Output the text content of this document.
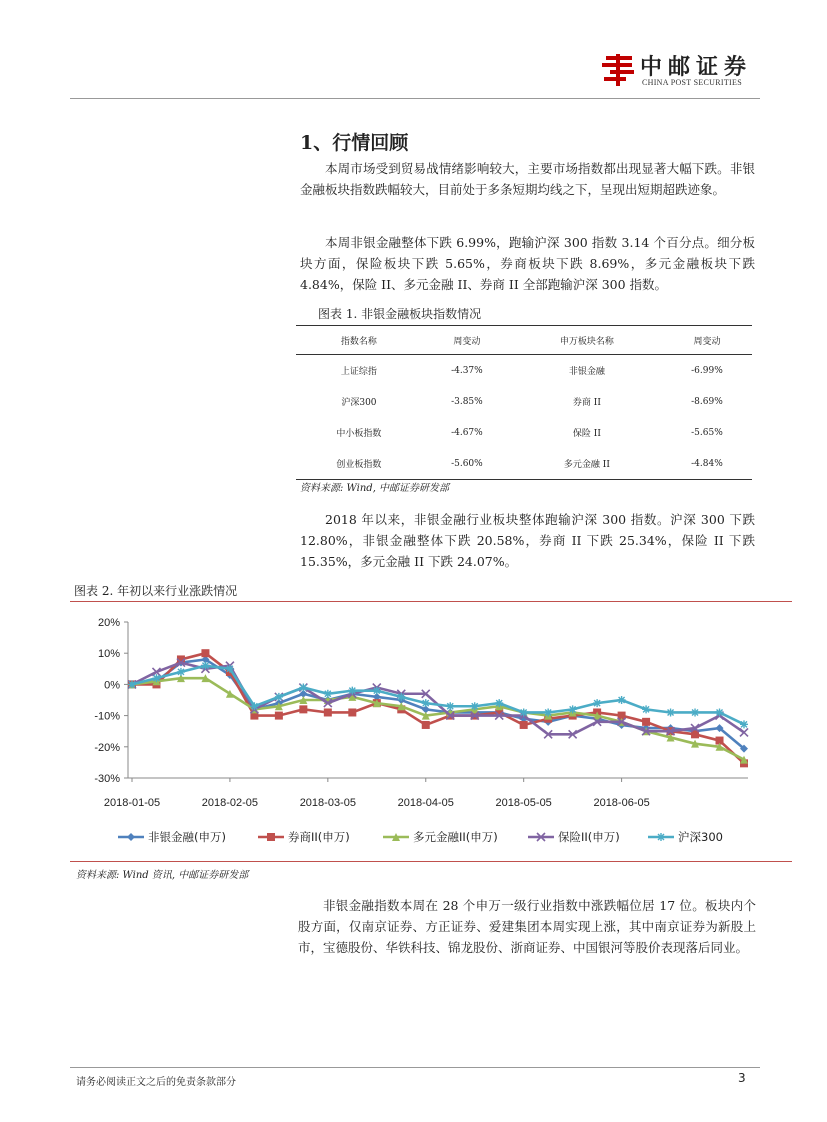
中邮证券
CHINA POST SECURITIES
1、行情回顾

本周市场受到贸易战情绪影响较大，主要市场指数都出现显著大幅下跌。非银金融板块指数跌幅较大，目前处于多条短期均线之下，呈现出短期超跌迹象。

本周非银金融整体下跌 6.99%，跑输沪深 300 指数 3.14 个百分点。细分板块方面，保险板块下跌 5.65%，券商板块下跌 8.69%，多元金融板块下跌 4.84%，保险 II、多元金融 II、券商 II 全部跑输沪深 300 指数。

图表 1. 非银金融板块指数情况
指数名称	周变动	申万板块名称	周变动
上证综指	-4.37%	非银金融	-6.99%
沪深300	-3.85%	券商 II	-8.69%
中小板指数	-4.67%	保险 II	-5.65%
创业板指数	-5.60%	多元金融 II	-4.84%
资料来源: Wind, 中邮证券研发部

2018 年以来，非银金融行业板块整体跑输沪深 300 指数。沪深 300 下跌 12.80%，非银金融整体下跌 20.58%，券商 II 下跌 25.34%，保险 II 下跌 15.35%，多元金融 II 下跌 24.07%。

图表 2. 年初以来行业涨跌情况
20%
10%
0%
-10%
-20%
-30%
2018-01-05	2018-02-05	2018-03-05	2018-04-05	2018-05-05	2018-06-05
非银金融(申万)	券商II(申万)	多元金融II(申万)	保险II(申万)	沪深300
资料来源: Wind 资讯, 中邮证券研发部

非银金融指数本周在 28 个申万一级行业指数中涨跌幅位居 17 位。板块内个股方面，仅南京证券、方正证券、爱建集团本周实现上涨，其中南京证券为新股上市，宝德股份、华铁科技、锦龙股份、浙商证券、中国银河等股价表现落后同业。

请务必阅读正文之后的免责条款部分	3
